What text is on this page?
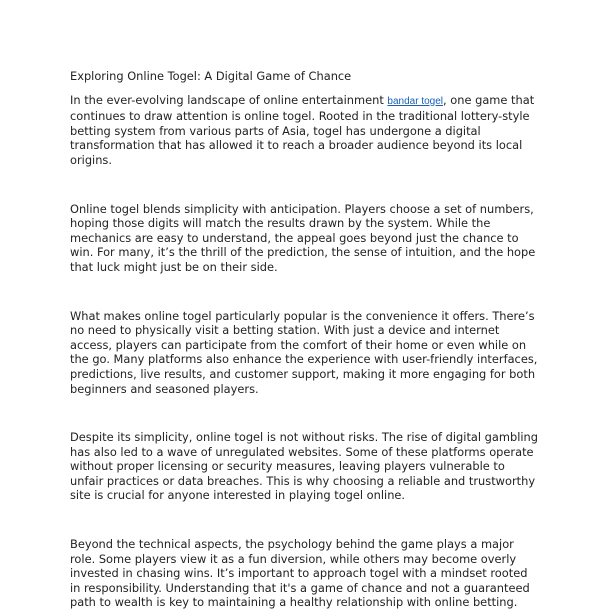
Exploring Online Togel: A Digital Game of Chance

In the ever-evolving landscape of online entertainment bandar togel, one game that continues to draw attention is online togel. Rooted in the traditional lottery-style betting system from various parts of Asia, togel has undergone a digital transformation that has allowed it to reach a broader audience beyond its local origins.

Online togel blends simplicity with anticipation. Players choose a set of numbers, hoping those digits will match the results drawn by the system. While the mechanics are easy to understand, the appeal goes beyond just the chance to win. For many, it’s the thrill of the prediction, the sense of intuition, and the hope that luck might just be on their side.

What makes online togel particularly popular is the convenience it offers. There’s no need to physically visit a betting station. With just a device and internet access, players can participate from the comfort of their home or even while on the go. Many platforms also enhance the experience with user-friendly interfaces, predictions, live results, and customer support, making it more engaging for both beginners and seasoned players.

Despite its simplicity, online togel is not without risks. The rise of digital gambling has also led to a wave of unregulated websites. Some of these platforms operate without proper licensing or security measures, leaving players vulnerable to unfair practices or data breaches. This is why choosing a reliable and trustworthy site is crucial for anyone interested in playing togel online.

Beyond the technical aspects, the psychology behind the game plays a major role. Some players view it as a fun diversion, while others may become overly invested in chasing wins. It’s important to approach togel with a mindset rooted in responsibility. Understanding that it's a game of chance and not a guaranteed path to wealth is key to maintaining a healthy relationship with online betting.
